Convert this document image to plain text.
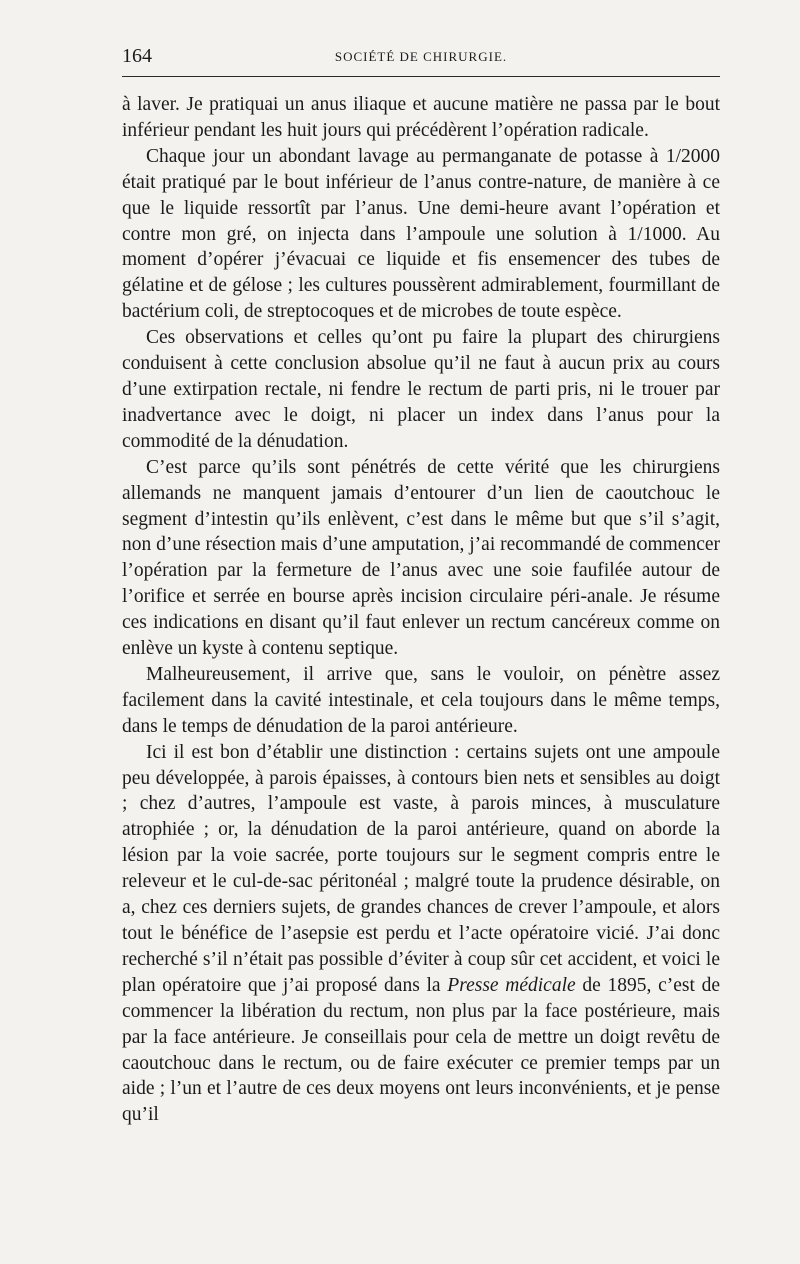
164	SOCIÉTÉ DE CHIRURGIE.

à laver. Je pratiquai un anus iliaque et aucune matière ne passa par le bout inférieur pendant les huit jours qui précédèrent l’opération radicale.

Chaque jour un abondant lavage au permanganate de potasse à 1/2000 était pratiqué par le bout inférieur de l’anus contre-nature, de manière à ce que le liquide ressortît par l’anus. Une demi-heure avant l’opération et contre mon gré, on injecta dans l’ampoule une solution à 1/1000. Au moment d’opérer j’évacuai ce liquide et fis ensemencer des tubes de gélatine et de gélose ; les cultures poussèrent admirablement, fourmillant de bactérium coli, de streptocoques et de microbes de toute espèce.

Ces observations et celles qu’ont pu faire la plupart des chirurgiens conduisent à cette conclusion absolue qu’il ne faut à aucun prix au cours d’une extirpation rectale, ni fendre le rectum de parti pris, ni le trouer par inadvertance avec le doigt, ni placer un index dans l’anus pour la commodité de la dénudation.

C’est parce qu’ils sont pénétrés de cette vérité que les chirurgiens allemands ne manquent jamais d’entourer d’un lien de caoutchouc le segment d’intestin qu’ils enlèvent, c’est dans le même but que s’il s’agit, non d’une résection mais d’une amputation, j’ai recommandé de commencer l’opération par la fermeture de l’anus avec une soie faufilée autour de l’orifice et serrée en bourse après incision circulaire péri-anale. Je résume ces indications en disant qu’il faut enlever un rectum cancéreux comme on enlève un kyste à contenu septique.

Malheureusement, il arrive que, sans le vouloir, on pénètre assez facilement dans la cavité intestinale, et cela toujours dans le même temps, dans le temps de dénudation de la paroi antérieure.

Ici il est bon d’établir une distinction : certains sujets ont une ampoule peu développée, à parois épaisses, à contours bien nets et sensibles au doigt ; chez d’autres, l’ampoule est vaste, à parois minces, à musculature atrophiée ; or, la dénudation de la paroi antérieure, quand on aborde la lésion par la voie sacrée, porte toujours sur le segment compris entre le releveur et le cul-de-sac péritonéal ; malgré toute la prudence désirable, on a, chez ces derniers sujets, de grandes chances de crever l’ampoule, et alors tout le bénéfice de l’asepsie est perdu et l’acte opératoire vicié. J’ai donc recherché s’il n’était pas possible d’éviter à coup sûr cet accident, et voici le plan opératoire que j’ai proposé dans la Presse médicale de 1895, c’est de commencer la libération du rectum, non plus par la face postérieure, mais par la face antérieure. Je conseillais pour cela de mettre un doigt revêtu de caoutchouc dans le rectum, ou de faire exécuter ce premier temps par un aide ; l’un et l’autre de ces deux moyens ont leurs inconvénients, et je pense qu’il
